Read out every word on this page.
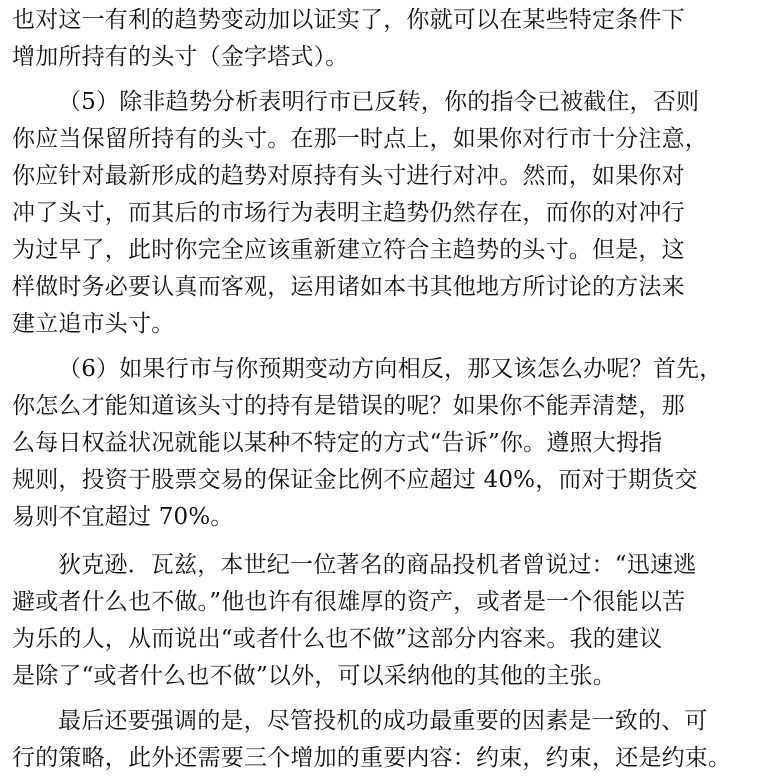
也对这一有利的趋势变动加以证实了，你就可以在某些特定条件下
增加所持有的头寸（金字塔式）。
（5）除非趋势分析表明行市已反转，你的指令已被截住，否则
你应当保留所持有的头寸。在那一时点上，如果你对行市十分注意，
你应针对最新形成的趋势对原持有头寸进行对冲。然而，如果你对
冲了头寸，而其后的市场行为表明主趋势仍然存在，而你的对冲行
为过早了，此时你完全应该重新建立符合主趋势的头寸。但是，这
样做时务必要认真而客观，运用诸如本书其他地方所讨论的方法来
建立追市头寸。
（6）如果行市与你预期变动方向相反，那又该怎么办呢？首先，
你怎么才能知道该头寸的持有是错误的呢？如果你不能弄清楚，那
么每日权益状况就能以某种不特定的方式“告诉”你。遵照大拇指
规则，投资于股票交易的保证金比例不应超过 40%，而对于期货交
易则不宜超过 70%。
狄克逊．瓦兹，本世纪一位著名的商品投机者曾说过：“迅速逃
避或者什么也不做。”他也许有很雄厚的资产，或者是一个很能以苦
为乐的人，从而说出“或者什么也不做”这部分内容来。我的建议
是除了“或者什么也不做”以外，可以采纳他的其他的主张。
最后还要强调的是，尽管投机的成功最重要的因素是一致的、可
行的策略，此外还需要三个增加的重要内容：约束，约束，还是约束。
